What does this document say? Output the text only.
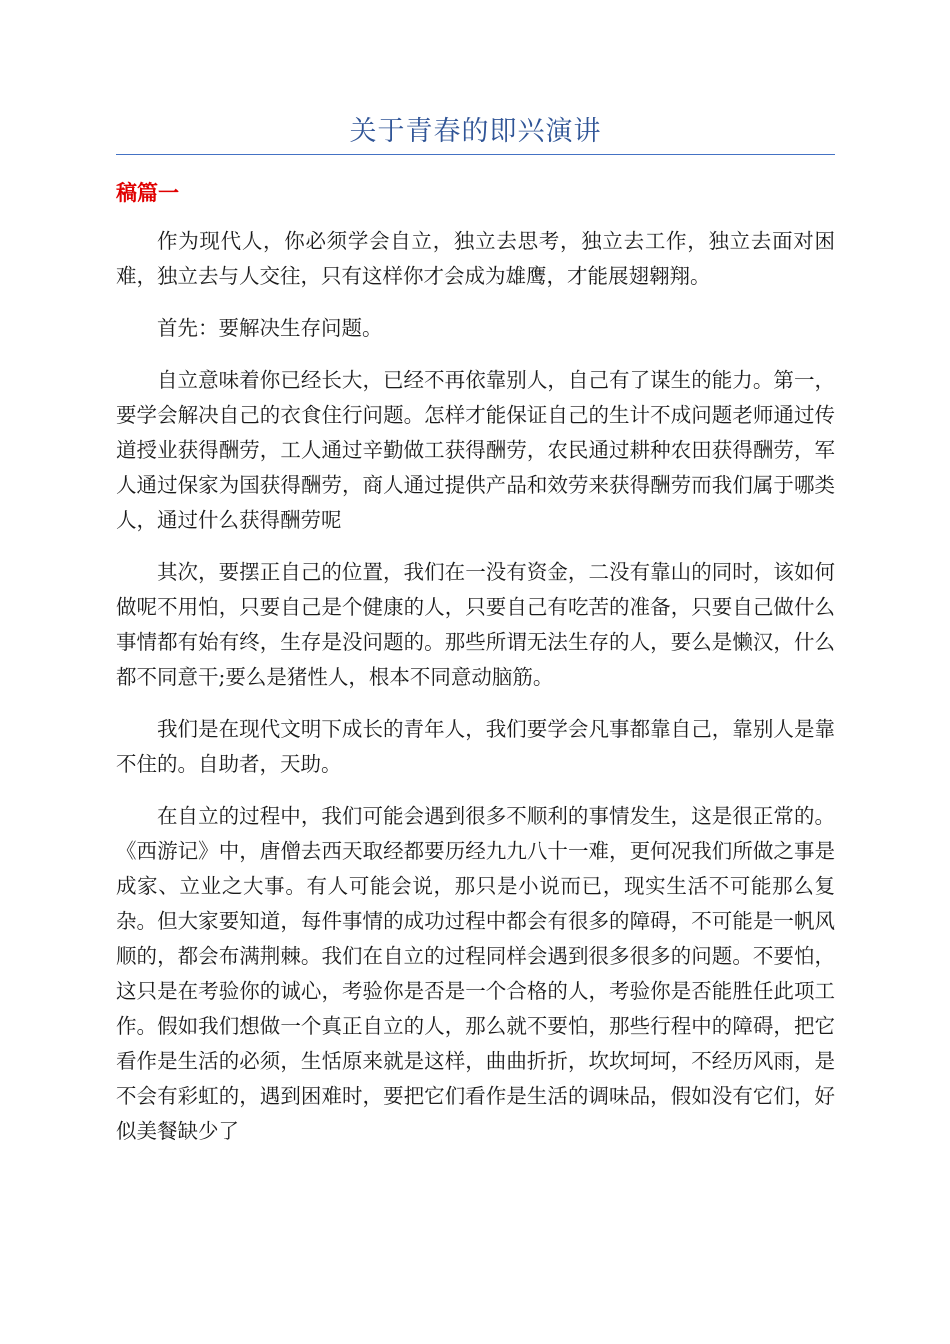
关于青春的即兴演讲
稿篇一

作为现代人，你必须学会自立，独立去思考，独立去工作，独立去面对困难，独立去与人交往，只有这样你才会成为雄鹰，才能展翅翱翔。

首先：要解决生存问题。

自立意味着你已经长大，已经不再依靠别人，自己有了谋生的能力。第一，要学会解决自己的衣食住行问题。怎样才能保证自己的生计不成问题老师通过传道授业获得酬劳，工人通过辛勤做工获得酬劳，农民通过耕种农田获得酬劳，军人通过保家为国获得酬劳，商人通过提供产品和效劳来获得酬劳而我们属于哪类人，通过什么获得酬劳呢

其次，要摆正自己的位置，我们在一没有资金，二没有靠山的同时，该如何做呢不用怕，只要自己是个健康的人，只要自己有吃苦的准备，只要自己做什么事情都有始有终，生存是没问题的。那些所谓无法生存的人，要么是懒汉，什么都不同意干;要么是猪性人，根本不同意动脑筋。

我们是在现代文明下成长的青年人，我们要学会凡事都靠自己，靠别人是靠不住的。自助者，天助。

在自立的过程中，我们可能会遇到很多不顺利的事情发生，这是很正常的。《西游记》中，唐僧去西天取经都要历经九九八十一难，更何况我们所做之事是成家、立业之大事。有人可能会说，那只是小说而已，现实生活不可能那么复杂。但大家要知道，每件事情的成功过程中都会有很多的障碍，不可能是一帆风顺的，都会布满荆棘。我们在自立的过程同样会遇到很多很多的问题。不要怕，这只是在考验你的诚心，考验你是否是一个合格的人，考验你是否能胜任此项工作。假如我们想做一个真正自立的人，那么就不要怕，那些行程中的障碍，把它看作是生活的必须，生恬原来就是这样，曲曲折折，坎坎坷坷，不经历风雨，是不会有彩虹的，遇到困难时，要把它们看作是生活的调味品，假如没有它们，好似美餐缺少了
